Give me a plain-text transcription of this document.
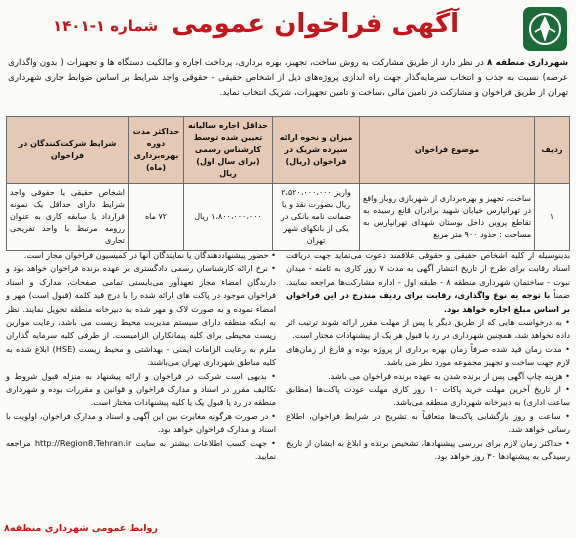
آگهی فراخوان عمومی شماره ۱-۱۴۰۱
شهرداری منطقه ۸ در نظر دارد از طریق مشارکت به روش ساخت، تجهیز، بهره برداری، پرداخت اجاره و مالکیت دستگاه ها و تجهیزات ( بدون واگذاری عرصه) نسبت به جذب و انتخاب سرمایه‌گذار جهت راه اندازی پروژه‌های ذیل از اشخاص حقیقی - حقوقی واجد شرایط بر اساس ضوابط جاری شهرداری تهران از طریق فراخوان و مشارکت در تامین مالی ،ساخت و تامین تجهیزات، شریک انتخاب نماید.
ردیف	موضوع فراخوان	میزان و نحوه ارائه سپرده شریک در فراخوان (ریال)	حداقل اجاره سالیانه تعیین شده توسط کارشناس رسمی (برای سال اول) ریال	حداکثر مدت دوره بهره‌برداری (ماه)	شرایط شرکت‌کنندگان در فراخوان
۱	ساخت، تجهیز و بهره‌برداری از شهربازی روباز واقع در تهرانپارس خیابان شهید برادران قانع رسیده به تقاطع پروین داخل بوستان شهدای تهرانپارس به مساحت : حدود ۹۰۰ متر مربع	واریز ۲،۵۲۰،۰۰۰،۰۰۰ ریال بصورت نقد و یا ضمانت نامه بانکی در یکی از بانکهای شهر تهران	۱،۸۰۰،۰۰۰،۰۰۰ ریال	۷۲ ماه	اشخاص حقیقی یا حقوقی واجد شرایط دارای حداقل یک نمونه قرارداد یا سابقه کاری به عنوان رزومه مرتبط با واحد تفریحی تجاری
بدینوسیله از کلیه اشخاص حقیقی و حقوقی علاقمند دعوت می‌نماید جهت دریافت اسناد رقابت برای طرح از تاریخ انتشار آگهی به مدت ۷ روز کاری به ثامنه - میدان نبوت - ساختمان شهرداری منطقه ۸ - طبقه اول - اداره مشارکت‌ها مراجعه نمایند. ضمناً با توجه به نوع واگذاری، رقابت برای ردیف مندرج در این فراخوان بر اساس مبلغ اجاره خواهد بود.
• به درخواست هایی که از طریق دیگر یا پس از مهلت مقرر ارائه شوند ترتیب اثر داده نخواهد شد، همچنین شهرداری در رد یا قبول هر یک از پیشنهادات مختار است.
• مدت زمان قید شده صرفاً زمان بهره برداری از پروژه بوده و فارغ از زمان‌های لازم جهت ساخت و تجهیز مجموعه مورد نظر می باشد.
• هزینه چاپ آگهی پس از برنده شدن به عهده برنده فراخوان می باشد.
• از تاریخ آخرین مهلت خرید پاکات ۱۰ روز کاری مهلت عودت پاکت‌ها (مطابق ساعت اداری) به دبیرخانه شهرداری منطقه می‌باشد.
• ساعت و روز بازگشایی پاکت‌ها متعاقباً به تشریح در شرایط فراخوان، اطلاع رسانی خواهد شد.
• حداکثر زمان لازم برای بررسی پیشنهادها، تشخیص برنده و ابلاغ به ایشان از تاریخ رسیدگی به پیشنهادها ۳۰ روز خواهد بود.
• حضور پیشنهاددهندگان یا نمایندگان آنها در کمیسیون فراخوان مجاز است.
• نرخ ارائه کارشناسان رسمی دادگستری بر عهده برنده فراخوان خواهد بود و دارندگان امضاء مجاز تعهدآور می‌بایستی تمامی صفحات، مدارک و اسناد فراخوان موجود در پاکت های ارائه شده را با درج قید کلمه (قبول است) مهر و امضاء نموده و به صورت لاک و مهر شده به دبیرخانه منطقه تحویل نمایند. نظر به اینکه منطقه دارای سیستم مدیریت محیط زیست می باشد، رعایت موازین زیست محیطی برای کلیه پیمانکاران الزامیست. از طرفی کلیه سرمایه گذاران ملزم به رعایت الزامات ایمنی - بهداشتی و محیط زیست (HSE) ابلاغ شده به کلیه مناطق شهرداری تهران می‌باشند.
• بدیهی است شرکت در فراخوان و ارائه پیشنهاد به منزله قبول شروط و تکالیف مقرر در اسناد و مدارک فراخوان و قوانین و مقررات بوده و شهرداری منطقه در رد یا قبول یک یا کلیه پیشنهادات مختار است.
• در صورت هرگونه مغایرت بین این آگهی و اسناد و مدارک فراخوان، اولویت با اسناد و مدارک فراخوان خواهد بود.
• جهت کسب اطلاعات بیشتر به سایت http://Region8.Tehran.ir مراجعه نمایید.
روابط عمومی شهرداری منطقه۸
